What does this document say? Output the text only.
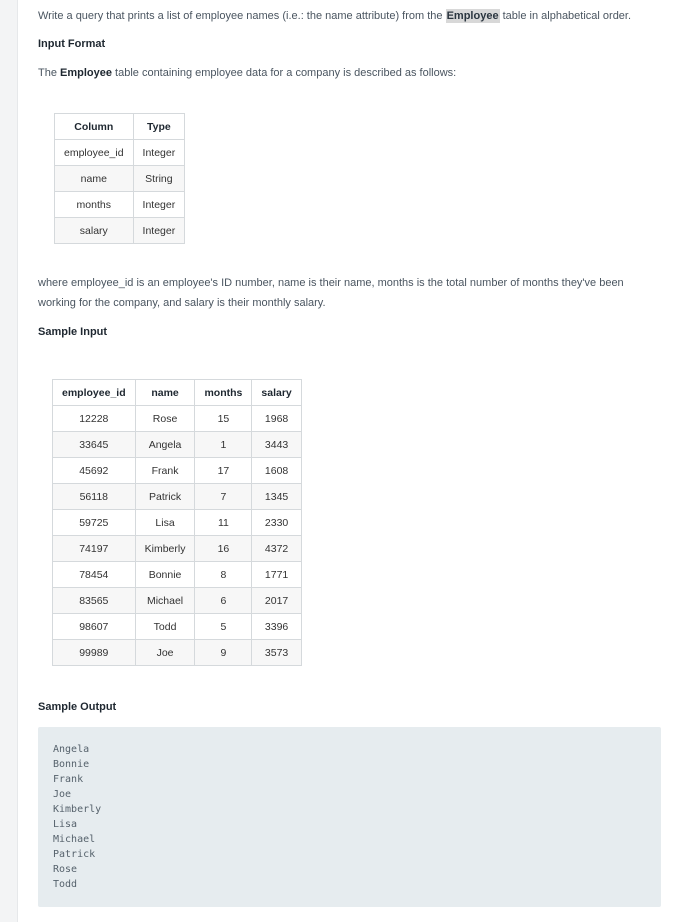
Write a query that prints a list of employee names (i.e.: the name attribute) from the Employee table in alphabetical order.

Input Format

The Employee table containing employee data for a company is described as follows:

Column	Type
employee_id	Integer
name	String
months	Integer
salary	Integer

where employee_id is an employee's ID number, name is their name, months is the total number of months they've been

working for the company, and salary is their monthly salary.

Sample Input
employee_id	name	months	salary
12228	Rose	15	1968
33645	Angela	1	3443
45692	Frank	17	1608
56118	Patrick	7	1345
59725	Lisa	11	2330
74197	Kimberly	16	4372
78454	Bonnie	8	1771
83565	Michael	6	2017
98607	Todd	5	3396
99989	Joe	9	3573
Sample Output
Angela
Bonnie
Frank
Joe
Kimberly
Lisa
Michael
Patrick
Rose
Todd
